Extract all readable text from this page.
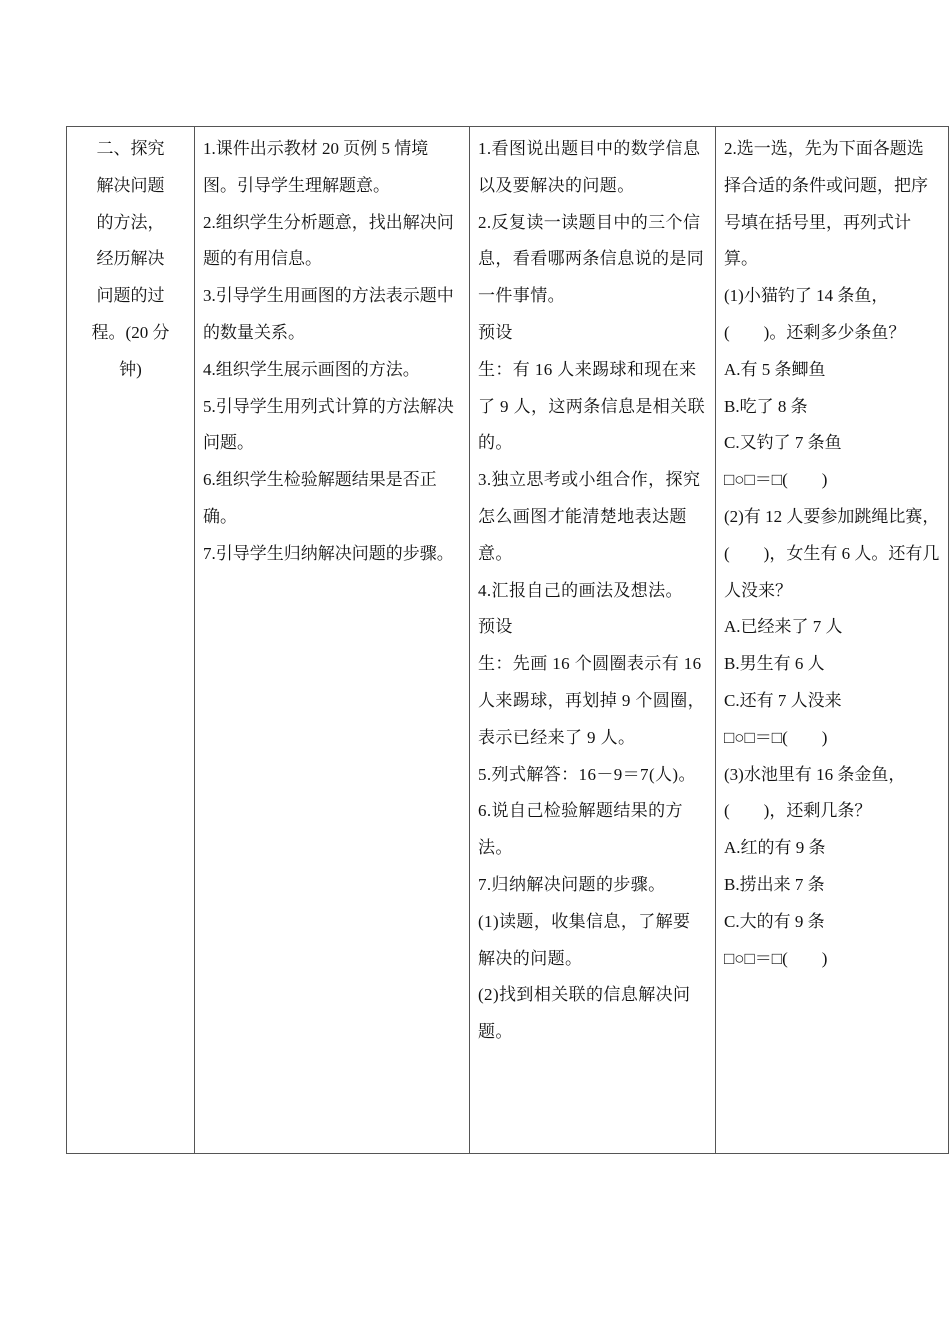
二、探究
解决问题
的方法，
经历解决
问题的过
程。(20 分
钟)

1.课件出示教材 20 页例 5 情境图。引导学生理解题意。
2.组织学生分析题意，找出解决问题的有用信息。
3.引导学生用画图的方法表示题中的数量关系。
4.组织学生展示画图的方法。
5.引导学生用列式计算的方法解决问题。
6.组织学生检验解题结果是否正确。
7.引导学生归纳解决问题的步骤。

1.看图说出题目中的数学信息以及要解决的问题。
2.反复读一读题目中的三个信息，看看哪两条信息说的是同一件事情。
预设
生：有 16 人来踢球和现在来了 9 人，这两条信息是相关联的。
3.独立思考或小组合作，探究怎么画图才能清楚地表达题意。
4.汇报自己的画法及想法。
预设
生：先画 16 个圆圈表示有 16 人来踢球，再划掉 9 个圆圈，表示已经来了 9 人。
5.列式解答：16－9＝7(人)。
6.说自己检验解题结果的方法。
7.归纳解决问题的步骤。
(1)读题，收集信息，了解要解决的问题。
(2)找到相关联的信息解决问题。

2.选一选，先为下面各题选择合适的条件或问题，把序号填在括号里，再列式计算。
(1)小猫钓了 14 条鱼，(　　)。还剩多少条鱼？
A.有 5 条鲫鱼
B.吃了 8 条
C.又钓了 7 条鱼
□○□＝□(　　)
(2)有 12 人要参加跳绳比赛，(　　)，女生有 6 人。还有几人没来？
A.已经来了 7 人
B.男生有 6 人
C.还有 7 人没来
□○□＝□(　　)
(3)水池里有 16 条金鱼，(　　)，还剩几条？
A.红的有 9 条
B.捞出来 7 条
C.大的有 9 条
□○□＝□(　　)
